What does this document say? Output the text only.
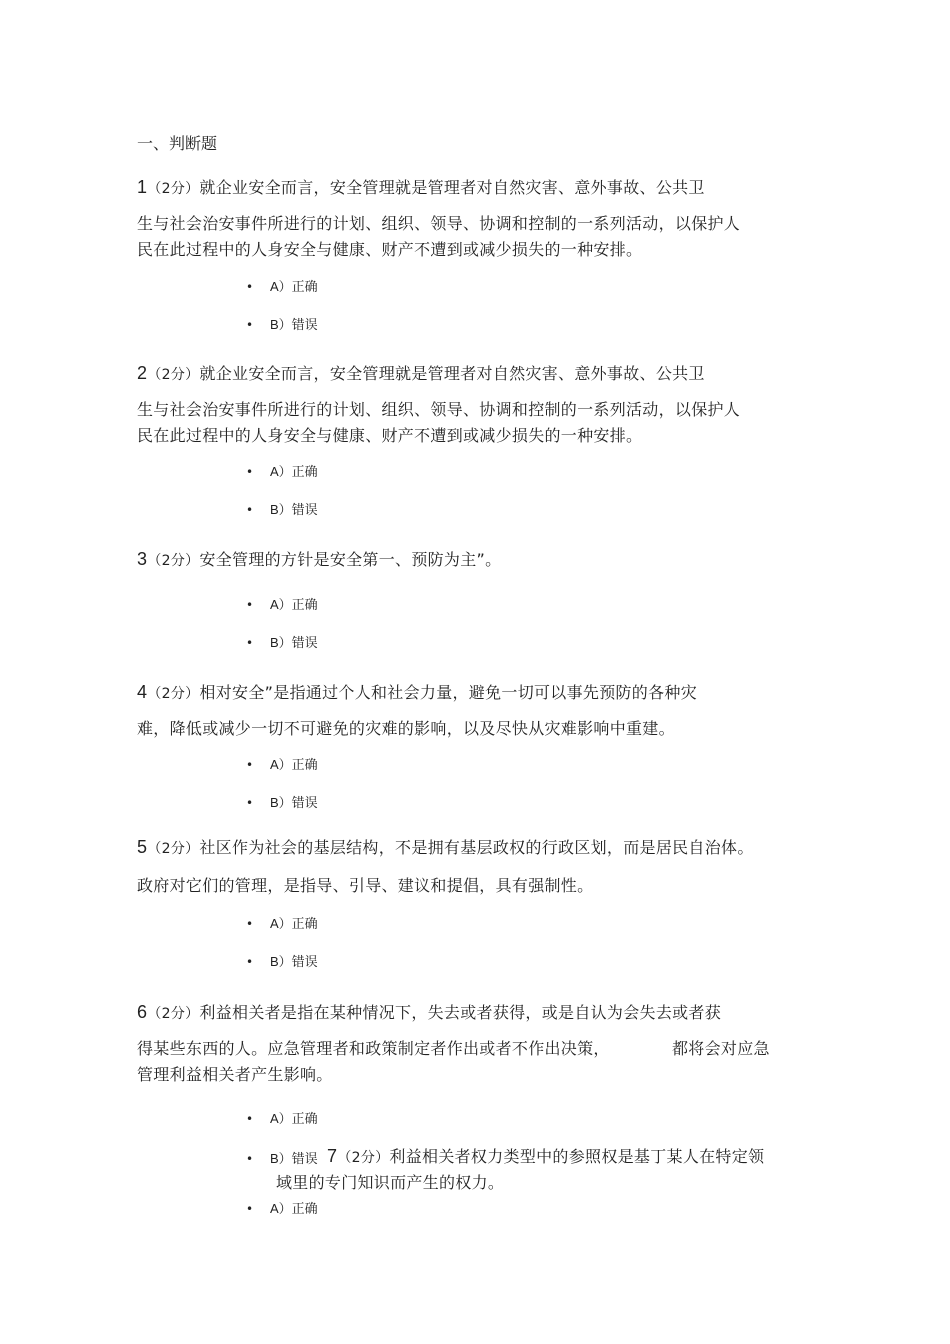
一、判断题
1（2分）就企业安全而言，安全管理就是管理者对自然灾害、意外事故、公共卫
生与社会治安事件所进行的计划、组织、领导、协调和控制的一系列活动，以保护人
民在此过程中的人身安全与健康、财产不遭到或减少损失的一种安排。
• A）正确
• B）错误
2（2分）就企业安全而言，安全管理就是管理者对自然灾害、意外事故、公共卫
生与社会治安事件所进行的计划、组织、领导、协调和控制的一系列活动，以保护人
民在此过程中的人身安全与健康、财产不遭到或减少损失的一种安排。
• A）正确
• B）错误
3（2分）安全管理的方针是安全第一、预防为主”。
• A）正确
• B）错误
4（2分）相对安全”是指通过个人和社会力量，避免一切可以事先预防的各种灾
难，降低或减少一切不可避免的灾难的影响，以及尽快从灾难影响中重建。
• A）正确
• B）错误
5（2分）社区作为社会的基层结构，不是拥有基层政权的行政区划，而是居民自治体。
政府对它们的管理，是指导、引导、建议和提倡，具有强制性。
• A）正确
• B）错误
6（2分）利益相关者是指在某种情况下，失去或者获得，或是自认为会失去或者获
得某些东西的人。应急管理者和政策制定者作出或者不作出决策，	都将会对应急
管理利益相关者产生影响。
• A）正确
• B）错误 7（2分）利益相关者权力类型中的参照权是基丁某人在特定领
域里的专门知识而产生的权力。
• A）正确
